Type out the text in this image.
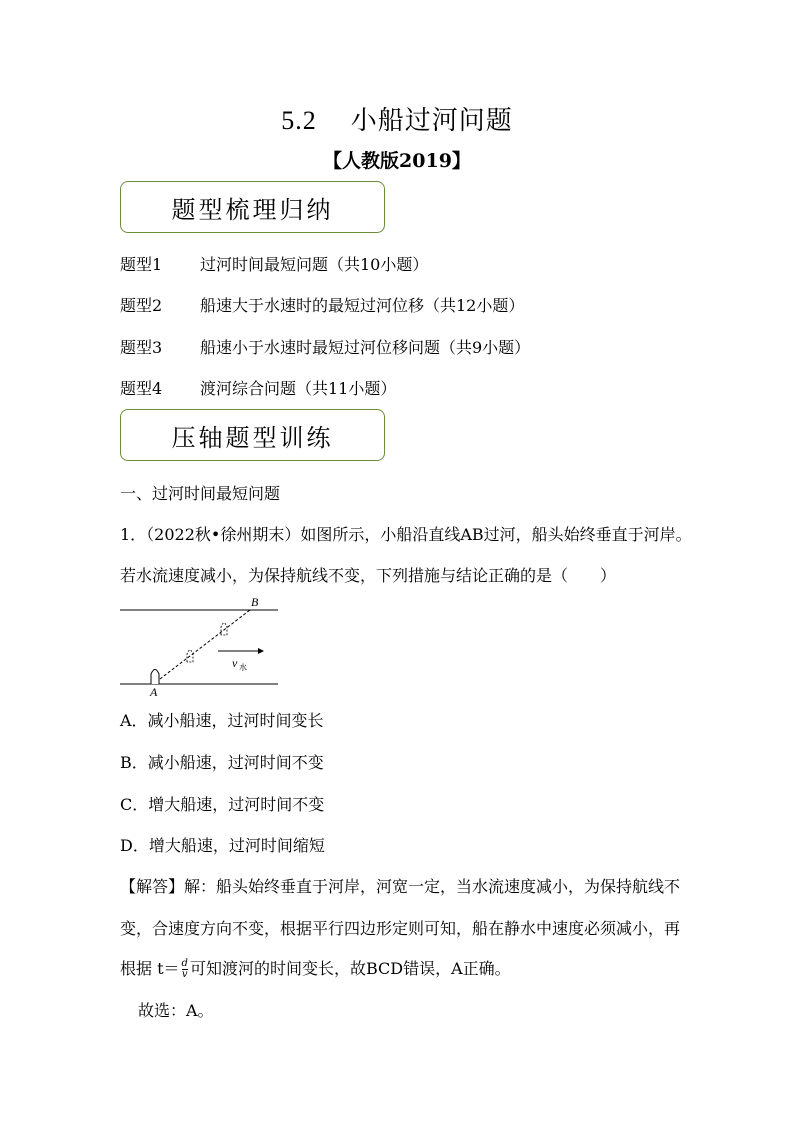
5.2 小船过河问题
【人教版2019】
题型梳理归纳
题型1 过河时间最短问题（共10小题）
题型2 船速大于水速时的最短过河位移（共12小题）
题型3 船速小于水速时最短过河位移问题（共9小题）
题型4 渡河综合问题（共11小题）
压轴题型训练
一、过河时间最短问题
1．（2022秋•徐州期末）如图所示，小船沿直线AB过河，船头始终垂直于河岸。
若水流速度减小，为保持航线不变，下列措施与结论正确的是（　　）
v 水
A
B
A．减小船速，过河时间变长
B．减小船速，过河时间不变
C．增大船速，过河时间不变
D．增大船速，过河时间缩短
【解答】解：船头始终垂直于河岸，河宽一定，当水流速度减小，为保持航线不
变，合速度方向不变，根据平行四边形定则可知，船在静水中速度必须减小，再
根据 $t= \frac{d}{v}$ 可知渡河的时间变长，故BCD错误，A正确。
故选：A。
